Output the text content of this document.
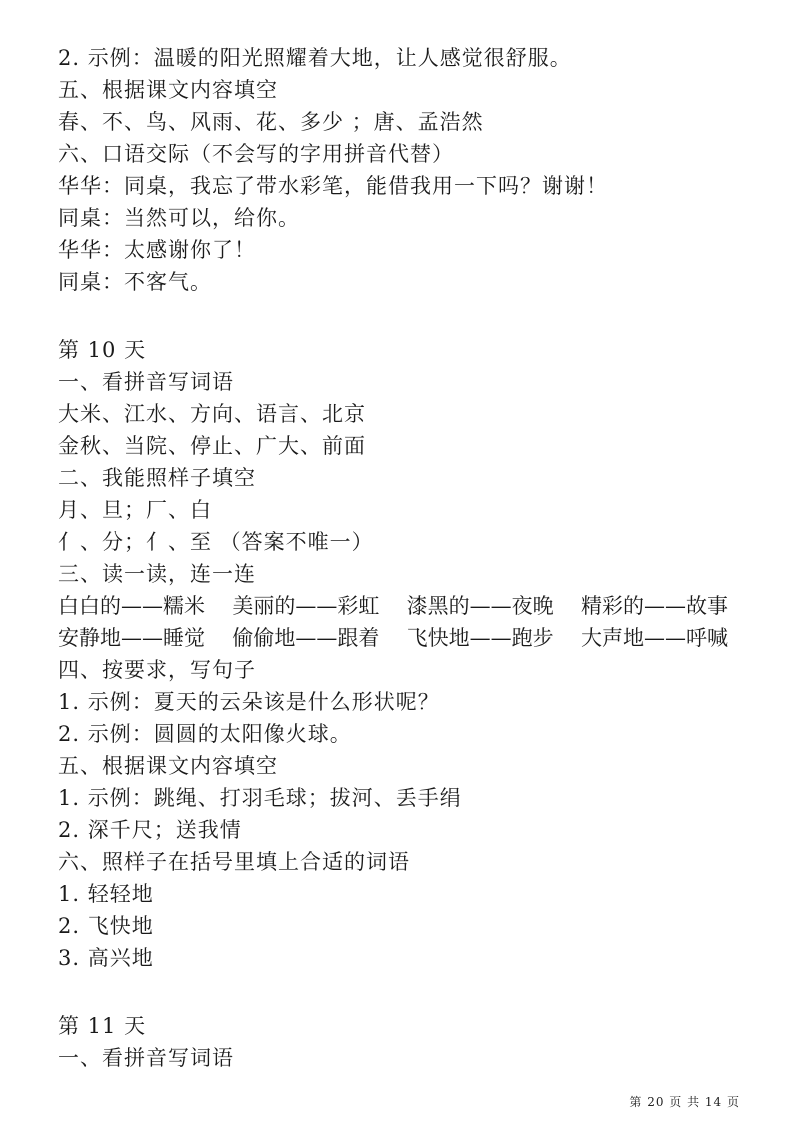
2. 示例：温暖的阳光照耀着大地，让人感觉很舒服。
五、根据课文内容填空
春、不、鸟、风雨、花、多少 ；唐、孟浩然
六、口语交际（不会写的字用拼音代替）
华华：同桌，我忘了带水彩笔，能借我用一下吗？谢谢！
同桌：当然可以，给你。
华华：太感谢你了！
同桌：不客气。
第 10 天
一、看拼音写词语
大米、江水、方向、语言、北京
金秋、当院、停止、广大、前面
二、我能照样子填空
月、旦；厂、白
亻、分；亻、至 （答案不唯一）
三、读一读，连一连
白白的——糯米 美丽的——彩虹 漆黑的——夜晚 精彩的——故事
安静地——睡觉 偷偷地——跟着 飞快地——跑步 大声地——呼喊
四、按要求，写句子
1. 示例：夏天的云朵该是什么形状呢？
2. 示例：圆圆的太阳像火球。
五、根据课文内容填空
1. 示例：跳绳、打羽毛球；拔河、丢手绢
2. 深千尺；送我情
六、照样子在括号里填上合适的词语
1. 轻轻地
2. 飞快地
3. 高兴地
第 11 天
一、看拼音写词语
第 20 页 共 14 页
